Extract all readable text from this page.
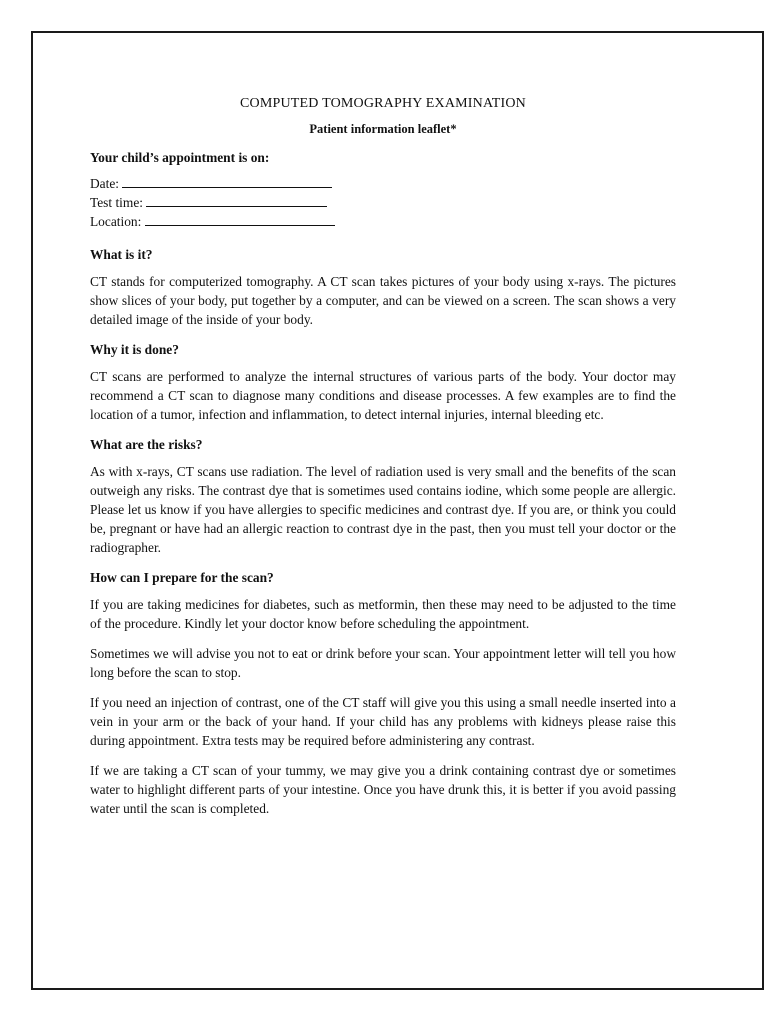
COMPUTED TOMOGRAPHY EXAMINATION
Patient information leaflet*
Your child’s appointment is on:
Date:
Test time:
Location:
What is it?
CT stands for computerized tomography. A CT scan takes pictures of your body using x-rays. The pictures show slices of your body, put together by a computer, and can be viewed on a screen. The scan shows a very detailed image of the inside of your body.
Why it is done?
CT scans are performed to analyze the internal structures of various parts of the body. Your doctor may recommend a CT scan to diagnose many conditions and disease processes. A few examples are to find the location of a tumor, infection and inflammation, to detect internal injuries, internal bleeding etc.
What are the risks?
As with x-rays, CT scans use radiation. The level of radiation used is very small and the benefits of the scan outweigh any risks. The contrast dye that is sometimes used contains iodine, which some people are allergic. Please let us know if you have allergies to specific medicines and contrast dye. If you are, or think you could be, pregnant or have had an allergic reaction to contrast dye in the past, then you must tell your doctor or the radiographer.
How can I prepare for the scan?
If you are taking medicines for diabetes, such as metformin, then these may need to be adjusted to the time of the procedure. Kindly let your doctor know before scheduling the appointment.
Sometimes we will advise you not to eat or drink before your scan. Your appointment letter will tell you how long before the scan to stop.
If you need an injection of contrast, one of the CT staff will give you this using a small needle inserted into a vein in your arm or the back of your hand. If your child has any problems with kidneys please raise this during appointment. Extra tests may be required before administering any contrast.
If we are taking a CT scan of your tummy, we may give you a drink containing contrast dye or sometimes water to highlight different parts of your intestine. Once you have drunk this, it is better if you avoid passing water until the scan is completed.
